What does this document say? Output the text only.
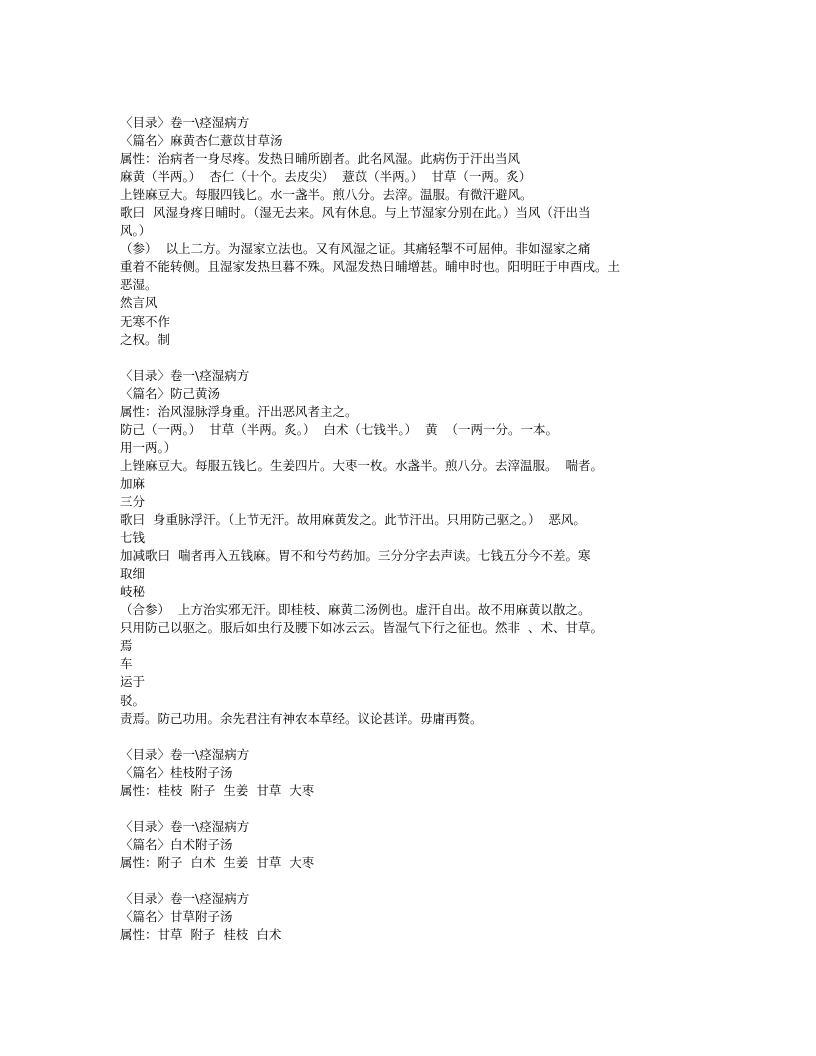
〈目录〉卷一\痉湿病方
〈篇名〉麻黄杏仁薏苡甘草汤
属性：治病者一身尽疼。发热日晡所剧者。此名风湿。此病伤于汗出当风
麻黄（半两。）  杏仁（十个。去皮尖）  薏苡（半两。）  甘草（一两。炙）
上锉麻豆大。每服四钱匕。水一盏半。煎八分。去滓。温服。有微汗避风。
歌曰  风湿身疼日晡时。（湿无去来。风有休息。与上节湿家分别在此。）当风（汗出当
风。）
（参）  以上二方。为湿家立法也。又有风湿之证。其痛轻掣不可屈伸。非如湿家之痛
重着不能转侧。且湿家发热旦暮不殊。风湿发热日晡增甚。晡申时也。阳明旺于申酉戌。土
恶湿。
然言风
无寒不作
之权。制
〈目录〉卷一\痉湿病方
〈篇名〉防己黄汤
属性：治风湿脉浮身重。汗出恶风者主之。
防己（一两。）  甘草（半两。炙。）  白术（七钱半。）  黄  （一两一分。一本。
用一两。）
上锉麻豆大。每服五钱匕。生姜四片。大枣一枚。水盏半。煎八分。去滓温服。  喘者。
加麻
三分
歌曰  身重脉浮汗。（上节无汗。故用麻黄发之。此节汗出。只用防己驱之。）  恶风。
七钱
加减歌曰  喘者再入五钱麻。胃不和兮芍药加。三分分字去声读。七钱五分今不差。寒
取细
岐秘
（合参）  上方治实邪无汗。即桂枝、麻黄二汤例也。虚汗自出。故不用麻黄以散之。
只用防己以驱之。服后如虫行及腰下如冰云云。皆湿气下行之征也。然非  、术、甘草。
焉
车
运于
驳。
责焉。防己功用。余先君注有神农本草经。议论甚详。毋庸再赘。
〈目录〉卷一\痉湿病方
〈篇名〉桂枝附子汤
属性：桂枝  附子  生姜  甘草  大枣
〈目录〉卷一\痉湿病方
〈篇名〉白术附子汤
属性：附子  白术  生姜  甘草  大枣
〈目录〉卷一\痉湿病方
〈篇名〉甘草附子汤
属性：甘草  附子  桂枝  白术
